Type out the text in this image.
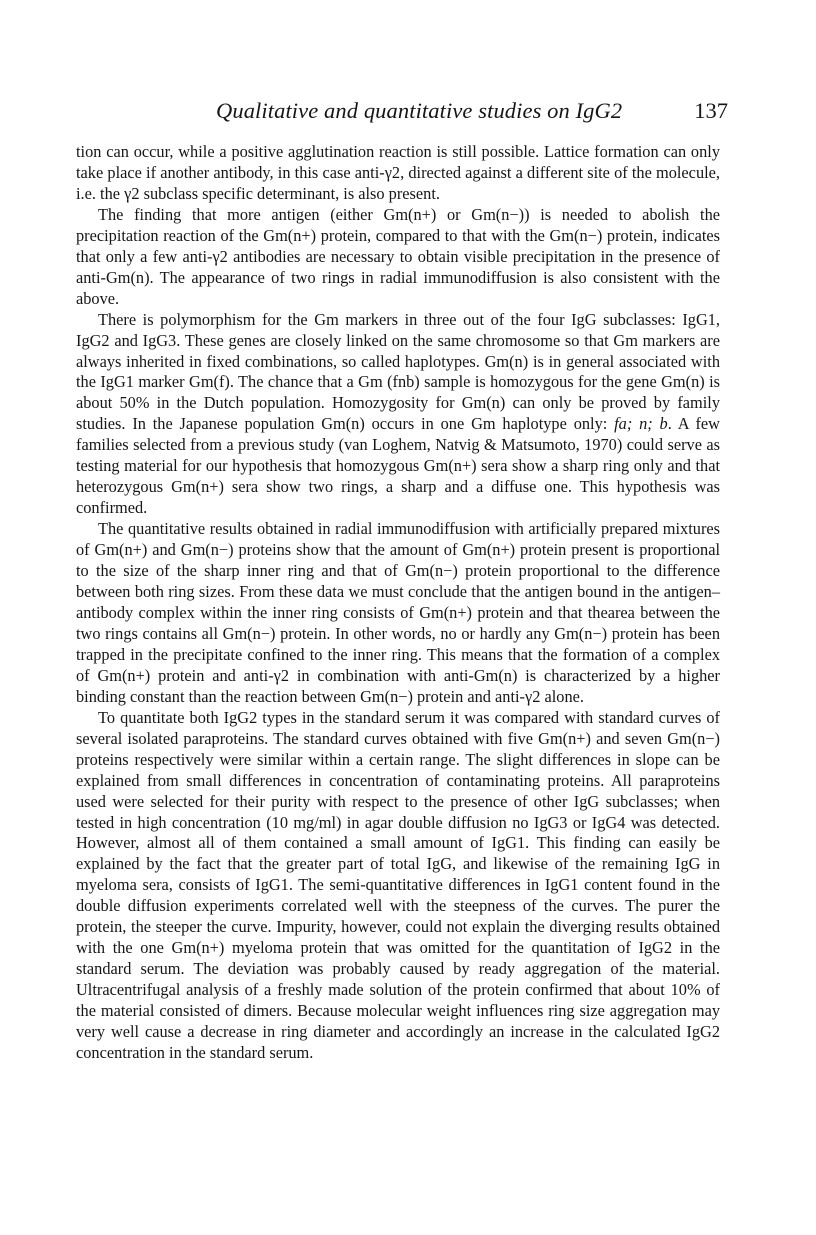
Qualitative and quantitative studies on IgG2	137

tion can occur, while a positive agglutination reaction is still possible. Lattice formation can only take place if another antibody, in this case anti-γ2, directed against a different site of the molecule, i.e. the γ2 subclass specific determinant, is also present.

The finding that more antigen (either Gm(n+) or Gm(n−)) is needed to abolish the precipitation reaction of the Gm(n+) protein, compared to that with the Gm(n−) protein, indicates that only a few anti-γ2 antibodies are necessary to obtain visible precipitation in the presence of anti-Gm(n). The appearance of two rings in radial immunodiffusion is also consistent with the above.

There is polymorphism for the Gm markers in three out of the four IgG subclasses: IgG1, IgG2 and IgG3. These genes are closely linked on the same chromosome so that Gm markers are always inherited in fixed combinations, so called haplotypes. Gm(n) is in general associated with the IgG1 marker Gm(f). The chance that a Gm (fnb) sample is homozygous for the gene Gm(n) is about 50% in the Dutch population. Homozygosity for Gm(n) can only be proved by family studies. In the Japanese population Gm(n) occurs in one Gm haplotype only: fa; n; b. A few families selected from a previous study (van Loghem, Natvig & Matsumoto, 1970) could serve as testing material for our hypothesis that homozygous Gm(n+) sera show a sharp ring only and that heterozygous Gm(n+) sera show two rings, a sharp and a diffuse one. This hypothesis was confirmed.

The quantitative results obtained in radial immunodiffusion with artificially prepared mixtures of Gm(n+) and Gm(n−) proteins show that the amount of Gm(n+) protein present is proportional to the size of the sharp inner ring and that of Gm(n−) protein proportional to the difference between both ring sizes. From these data we must conclude that the antigen bound in the antigen–antibody complex within the inner ring consists of Gm(n+) protein and that thearea between the two rings contains all Gm(n−) protein. In other words, no or hardly any Gm(n−) protein has been trapped in the precipitate confined to the inner ring. This means that the formation of a complex of Gm(n+) protein and anti-γ2 in combination with anti-Gm(n) is characterized by a higher binding constant than the reaction between Gm(n−) protein and anti-γ2 alone.

To quantitate both IgG2 types in the standard serum it was compared with standard curves of several isolated paraproteins. The standard curves obtained with five Gm(n+) and seven Gm(n−) proteins respectively were similar within a certain range. The slight differences in slope can be explained from small differences in concentration of contaminating proteins. All paraproteins used were selected for their purity with respect to the presence of other IgG subclasses; when tested in high concentration (10 mg/ml) in agar double diffusion no IgG3 or IgG4 was detected. However, almost all of them contained a small amount of IgG1. This finding can easily be explained by the fact that the greater part of total IgG, and likewise of the remaining IgG in myeloma sera, consists of IgG1. The semi-quantitative differences in IgG1 content found in the double diffusion experiments correlated well with the steepness of the curves. The purer the protein, the steeper the curve. Impurity, however, could not explain the diverging results obtained with the one Gm(n+) myeloma protein that was omitted for the quantitation of IgG2 in the standard serum. The deviation was probably caused by ready aggregation of the material. Ultracentrifugal analysis of a freshly made solution of the protein confirmed that about 10% of the material consisted of dimers. Because molecular weight influences ring size aggregation may very well cause a decrease in ring diameter and accordingly an increase in the calculated IgG2 concentration in the standard serum.
